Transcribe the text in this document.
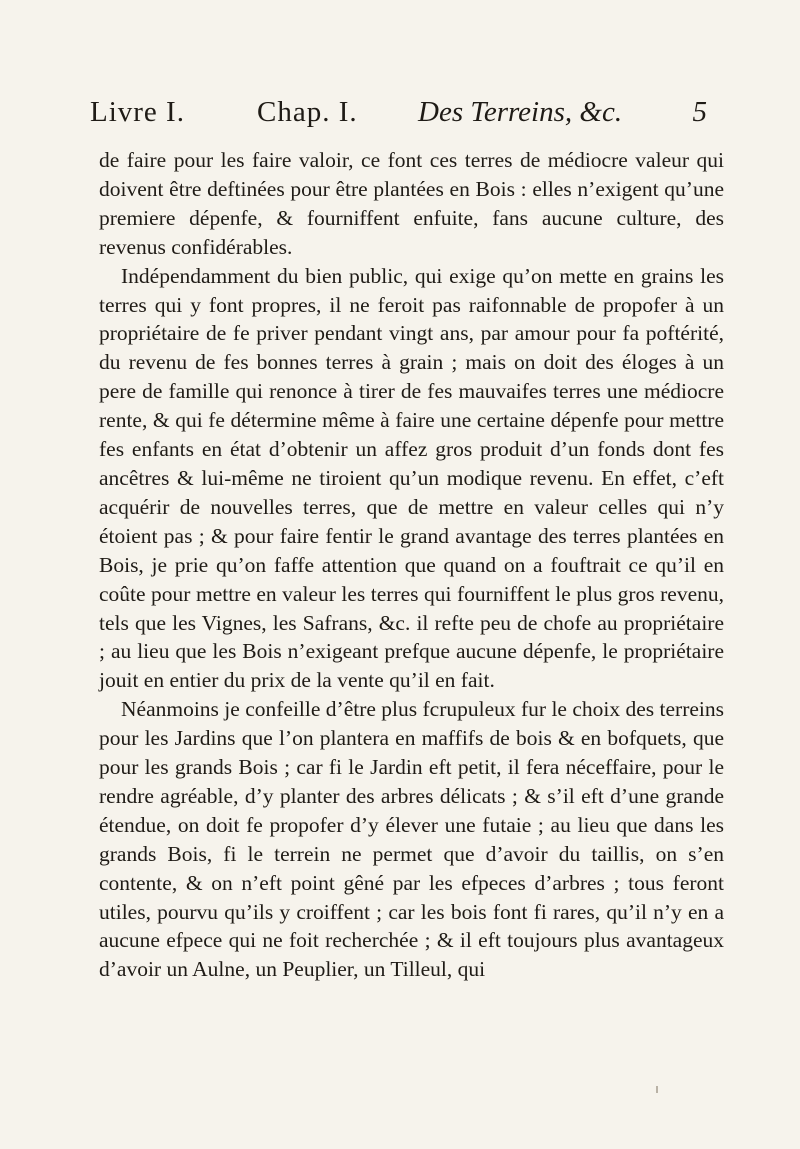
Livre I. Chap. I. Des Terreins, &c. 5

de faire pour les faire valoir, ce font ces terres de médiocre valeur qui doivent être deftinées pour être plantées en Bois : elles n’exigent qu’une premiere dépenfe, & fourniffent enfuite, fans aucune culture, des revenus confidérables.

Indépendamment du bien public, qui exige qu’on mette en grains les terres qui y font propres, il ne feroit pas raifonnable de propofer à un propriétaire de fe priver pendant vingt ans, par amour pour fa poftérité, du revenu de fes bonnes terres à grain ; mais on doit des éloges à un pere de famille qui renonce à tirer de fes mauvaifes terres une médiocre rente, & qui fe détermine même à faire une certaine dépenfe pour mettre fes enfants en état d’obtenir un affez gros produit d’un fonds dont fes ancêtres & lui-même ne tiroient qu’un modique revenu. En effet, c’eft acquérir de nouvelles terres, que de mettre en valeur celles qui n’y étoient pas ; & pour faire fentir le grand avantage des terres plantées en Bois, je prie qu’on faffe attention que quand on a fouftrait ce qu’il en coûte pour mettre en valeur les terres qui fourniffent le plus gros revenu, tels que les Vignes, les Safrans, &c. il refte peu de chofe au propriétaire ; au lieu que les Bois n’exigeant prefque aucune dépenfe, le propriétaire jouit en entier du prix de la vente qu’il en fait.

Néanmoins je confeille d’être plus fcrupuleux fur le choix des terreins pour les Jardins que l’on plantera en maffifs de bois & en bofquets, que pour les grands Bois ; car fi le Jardin eft petit, il fera néceffaire, pour le rendre agréable, d’y planter des arbres délicats ; & s’il eft d’une grande étendue, on doit fe propofer d’y élever une futaie ; au lieu que dans les grands Bois, fi le terrein ne permet que d’avoir du taillis, on s’en contente, & on n’eft point gêné par les efpeces d’arbres ; tous feront utiles, pourvu qu’ils y croiffent ; car les bois font fi rares, qu’il n’y en a aucune efpece qui ne foit recherchée ; & il eft toujours plus avantageux d’avoir un Aulne, un Peuplier, un Tilleul, qui
